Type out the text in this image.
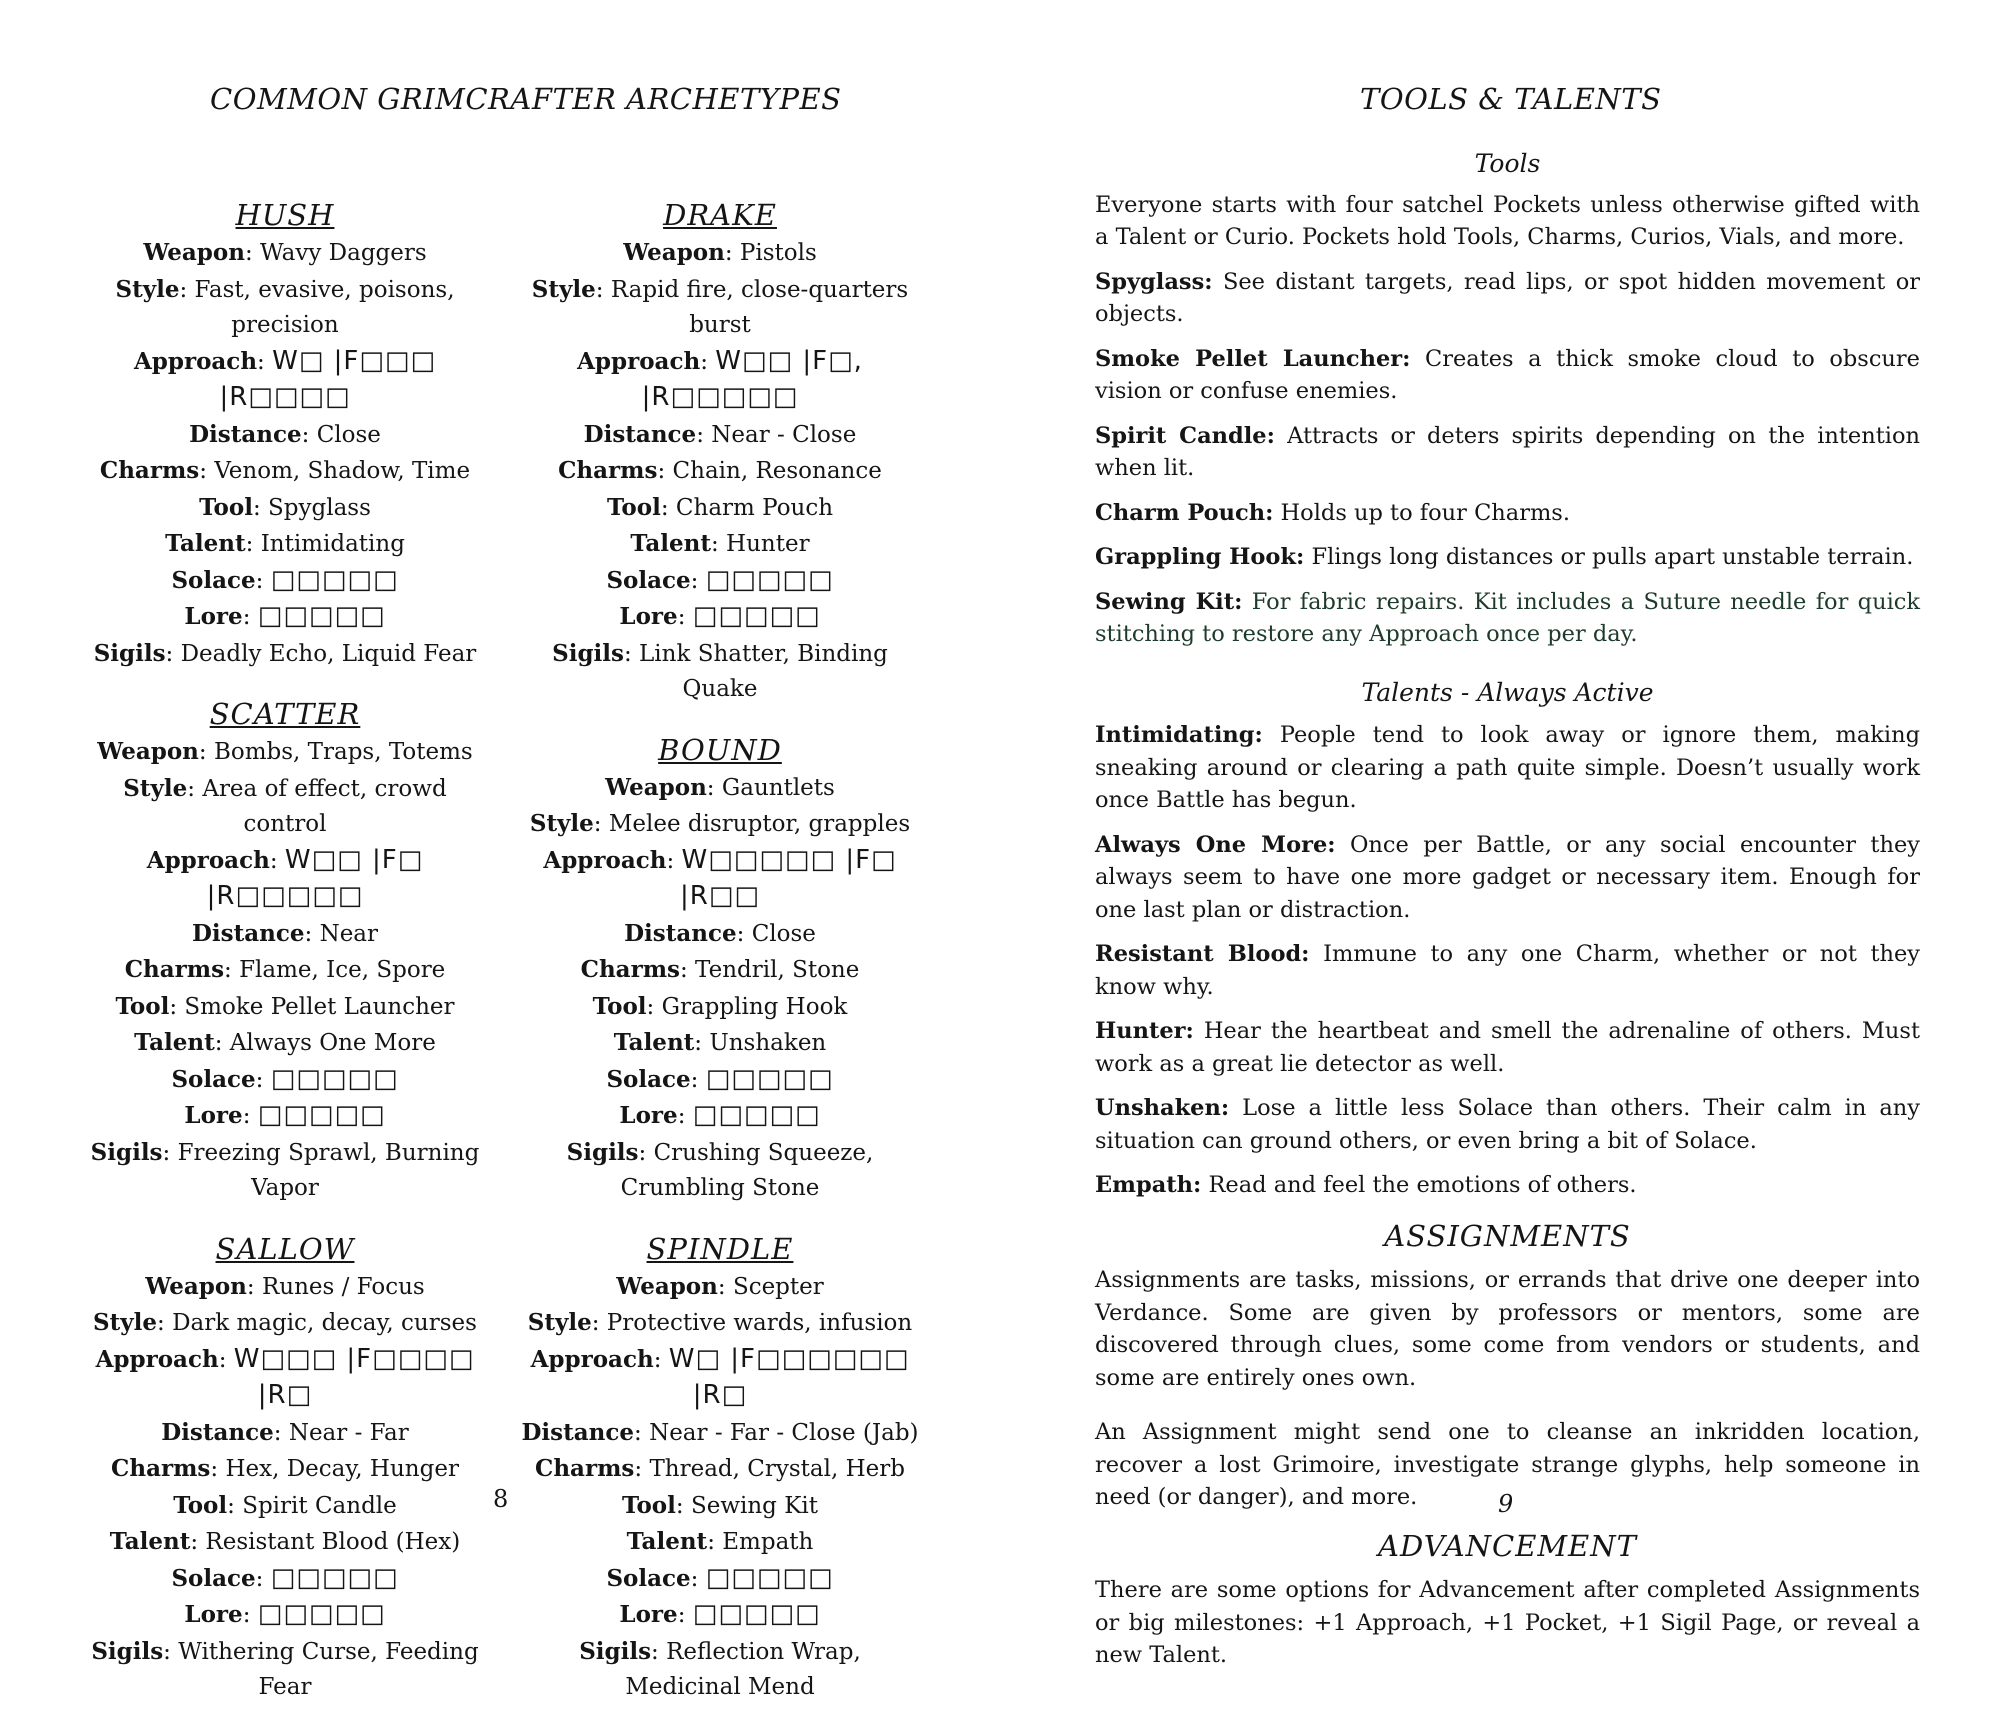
COMMON GRIMCRAFTER ARCHETYPES
HUSH
Weapon: Wavy Daggers
Style: Fast, evasive, poisons, precision
Approach: W□ |F□□□ |R□□□□
Distance: Close
Charms: Venom, Shadow, Time
Tool: Spyglass
Talent: Intimidating
Solace: □□□□□
Lore: □□□□□
Sigils: Deadly Echo, Liquid Fear
SCATTER
Weapon: Bombs, Traps, Totems
Style: Area of effect, crowd control
Approach: W□□ |F□ |R□□□□□
Distance: Near
Charms: Flame, Ice, Spore
Tool: Smoke Pellet Launcher
Talent: Always One More
Solace: □□□□□
Lore: □□□□□
Sigils: Freezing Sprawl, Burning Vapor
SALLOW
Weapon: Runes / Focus
Style: Dark magic, decay, curses
Approach: W□□□ |F□□□□ |R□
Distance: Near - Far
Charms: Hex, Decay, Hunger
Tool: Spirit Candle
Talent: Resistant Blood (Hex)
Solace: □□□□□
Lore: □□□□□
Sigils: Withering Curse, Feeding Fear
DRAKE
Weapon: Pistols
Style: Rapid fire, close-quarters burst
Approach: W□□ |F□, |R□□□□□
Distance: Near - Close
Charms: Chain, Resonance
Tool: Charm Pouch
Talent: Hunter
Solace: □□□□□
Lore: □□□□□
Sigils: Link Shatter, Binding Quake
BOUND
Weapon: Gauntlets
Style: Melee disruptor, grapples
Approach: W□□□□□ |F□ |R□□
Distance: Close
Charms: Tendril, Stone
Tool: Grappling Hook
Talent: Unshaken
Solace: □□□□□
Lore: □□□□□
Sigils: Crushing Squeeze, Crumbling Stone
SPINDLE
Weapon: Scepter
Style: Protective wards, infusion
Approach: W□ |F□□□□□□ |R□
Distance: Near - Far - Close (Jab)
Charms: Thread, Crystal, Herb
Tool: Sewing Kit
Talent: Empath
Solace: □□□□□
Lore: □□□□□
Sigils: Reflection Wrap, Medicinal Mend
8
TOOLS & TALENTS

Tools

Everyone starts with four satchel Pockets unless otherwise gifted with a Talent or Curio. Pockets hold Tools, Charms, Curios, Vials, and more.

Spyglass: See distant targets, read lips, or spot hidden movement or objects.

Smoke Pellet Launcher: Creates a thick smoke cloud to obscure vision or confuse enemies.

Spirit Candle: Attracts or deters spirits depending on the intention when lit.

Charm Pouch: Holds up to four Charms.

Grappling Hook: Flings long distances or pulls apart unstable terrain.

Sewing Kit: For fabric repairs. Kit includes a Suture needle for quick stitching to restore any Approach once per day.

Talents - Always Active

Intimidating: People tend to look away or ignore them, making sneaking around or clearing a path quite simple. Doesn’t usually work once Battle has begun.

Always One More: Once per Battle, or any social encounter they always seem to have one more gadget or necessary item. Enough for one last plan or distraction.

Resistant Blood: Immune to any one Charm, whether or not they know why.

Hunter: Hear the heartbeat and smell the adrenaline of others. Must work as a great lie detector as well.

Unshaken: Lose a little less Solace than others. Their calm in any situation can ground others, or even bring a bit of Solace.

Empath: Read and feel the emotions of others.

ASSIGNMENTS

Assignments are tasks, missions, or errands that drive one deeper into Verdance. Some are given by professors or mentors, some are discovered through clues, some come from vendors or students, and some are entirely ones own.

An Assignment might send one to cleanse an inkridden location, recover a lost Grimoire, investigate strange glyphs, help someone in need (or danger), and more.

ADVANCEMENT

There are some options for Advancement after completed Assignments or big milestones: +1 Approach, +1 Pocket, +1 Sigil Page, or reveal a new Talent.

9
